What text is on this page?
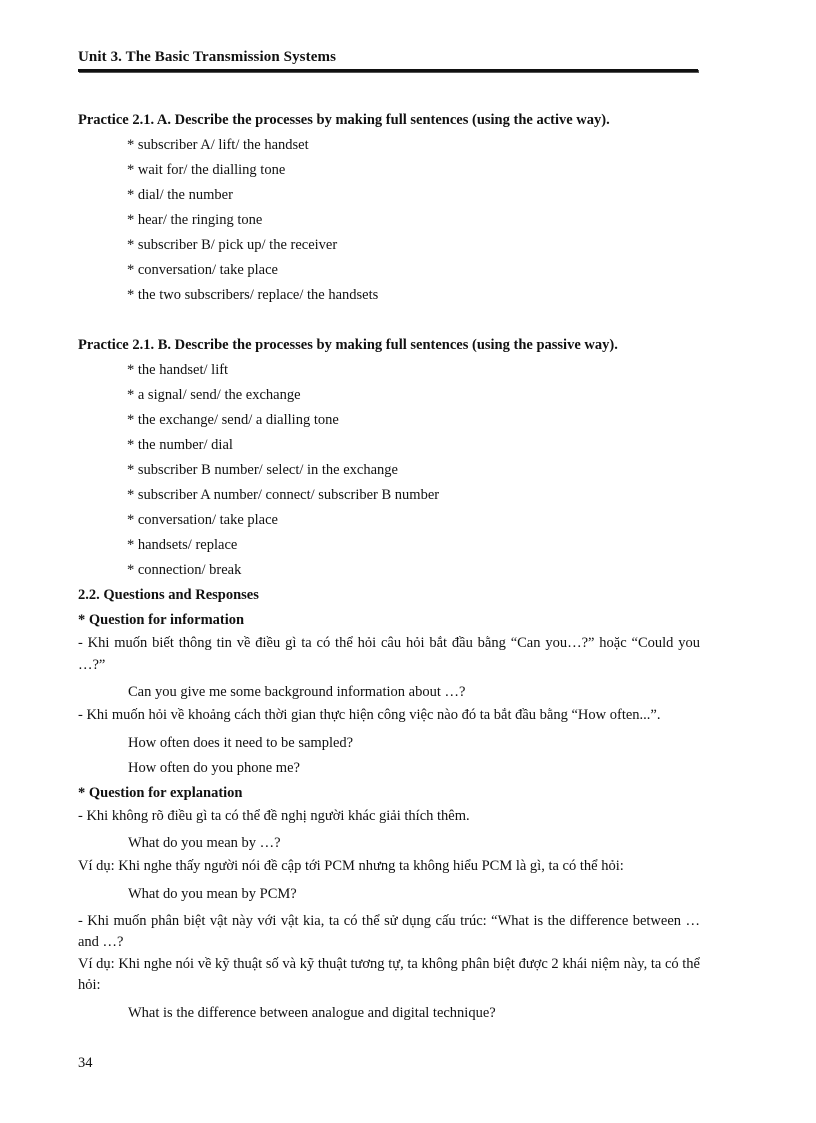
Unit 3. The Basic Transmission Systems

Practice 2.1. A. Describe the processes by making full sentences (using the active way).

* subscriber A/ lift/ the handset
* wait for/ the dialling tone
* dial/ the number
* hear/ the ringing tone
* subscriber B/ pick up/ the receiver
* conversation/ take place
* the two subscribers/ replace/ the handsets

Practice 2.1. B. Describe the processes by making full sentences (using the passive way).

* the handset/ lift
* a signal/ send/ the exchange
* the exchange/ send/ a dialling tone
* the number/ dial
* subscriber B number/ select/ in the exchange
* subscriber A number/ connect/ subscriber B number
* conversation/ take place
* handsets/ replace
* connection/ break

2.2. Questions and Responses

* Question for information

- Khi muốn biết thông tin về điều gì ta có thể hỏi câu hỏi bắt đầu bằng “Can you…?” hoặc “Could you …?”

Can you give me some background information about …?

- Khi muốn hỏi về khoảng cách thời gian thực hiện công việc nào đó ta bắt đầu bằng “How often...”.

How often does it need to be sampled?

How often do you phone me?

* Question for explanation

- Khi không rõ điều gì ta có thể đề nghị người khác giải thích thêm.

What do you mean by …?

Ví dụ: Khi nghe thấy người nói đề cập tới PCM nhưng ta không hiểu PCM là gì, ta có thể hỏi:

What do you mean by PCM?

- Khi muốn phân biệt vật này với vật kia, ta có thể sử dụng cấu trúc: “What is the difference between … and …?

Ví dụ: Khi nghe nói về kỹ thuật số và kỹ thuật tương tự, ta không phân biệt được 2 khái niệm này, ta có thể hỏi:

What is the difference between analogue and digital technique?

34
